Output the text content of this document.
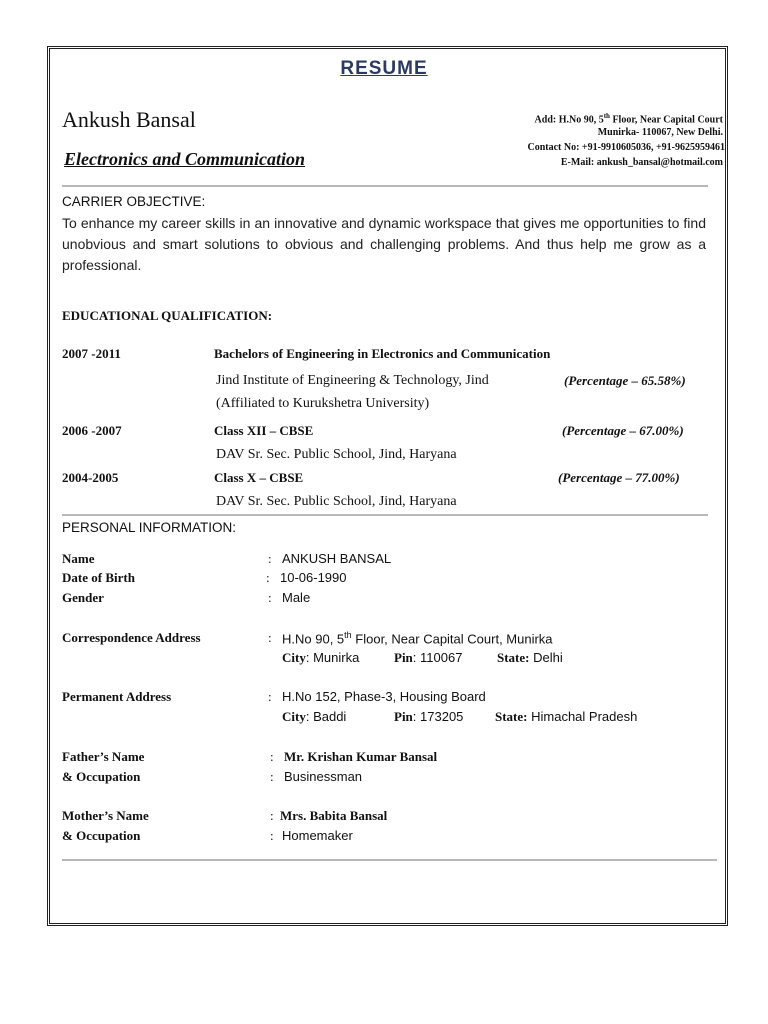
RESUME
Ankush Bansal
Electronics and Communication
Add: H.No 90, 5th Floor, Near Capital Court
Munirka- 110067, New Delhi.
Contact No: +91-9910605036, +91-9625959461
E-Mail: ankush_bansal@hotmail.com
CARRIER OBJECTIVE:
To enhance my career skills in an innovative and dynamic workspace that gives me opportunities to find unobvious and smart solutions to obvious and challenging problems. And thus help me grow as a professional.
EDUCATIONAL QUALIFICATION:
2007 -2011	Bachelors of Engineering in Electronics and Communication
Jind Institute of Engineering & Technology, Jind	(Percentage – 65.58%)
(Affiliated to Kurukshetra University)
2006 -2007	Class XII – CBSE	(Percentage – 67.00%)
DAV Sr. Sec. Public School, Jind, Haryana
2004-2005	Class X – CBSE	(Percentage – 77.00%)
DAV Sr. Sec. Public School, Jind, Haryana
PERSONAL INFORMATION:
Name	: ANKUSH BANSAL
Date of Birth	: 10-06-1990
Gender	: Male
Correspondence Address	: H.No 90, 5th Floor, Near Capital Court, Munirka
City: Munirka	Pin: 110067	State: Delhi
Permanent Address	: H.No 152, Phase-3, Housing Board
City: Baddi	Pin: 173205 State: Himachal Pradesh
Father’s Name	: Mr. Krishan Kumar Bansal
& Occupation	: Businessman
Mother’s Name	: Mrs. Babita Bansal
& Occupation	: Homemaker
